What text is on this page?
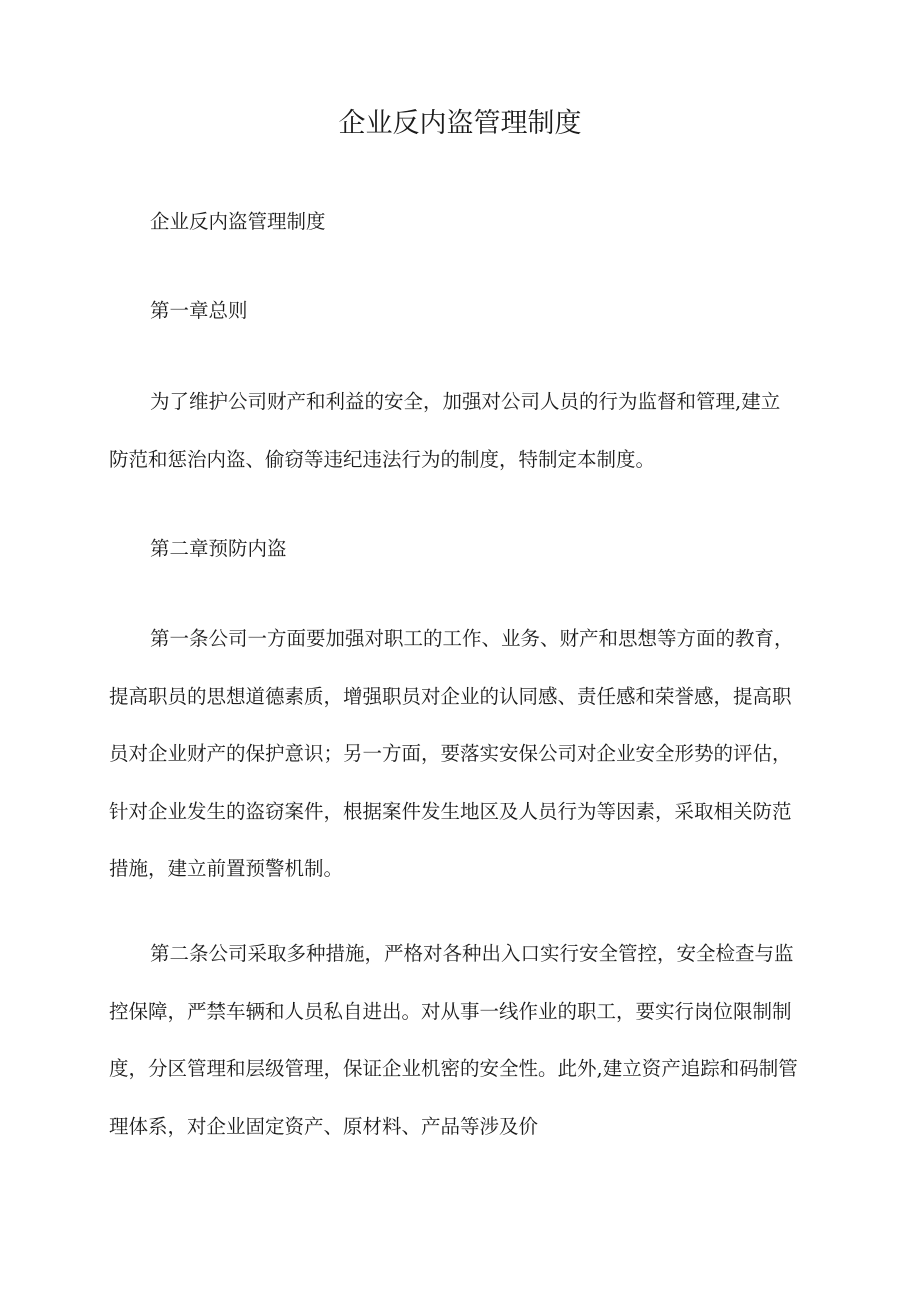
企业反内盗管理制度

企业反内盗管理制度

第一章总则

为了维护公司财产和利益的安全，加强对公司人员的行为监督和管理,建立
防范和惩治内盗、偷窃等违纪违法行为的制度，特制定本制度。

第二章预防内盗

第一条公司一方面要加强对职工的工作、业务、财产和思想等方面的教育，
提高职员的思想道德素质，增强职员对企业的认同感、责任感和荣誉感，提高职
员对企业财产的保护意识；另一方面，要落实安保公司对企业安全形势的评估，
针对企业发生的盗窃案件，根据案件发生地区及人员行为等因素，采取相关防范
措施，建立前置预警机制。
第二条公司采取多种措施，严格对各种出入口实行安全管控，安全检查与监
控保障，严禁车辆和人员私自进出。对从事一线作业的职工，要实行岗位限制制
度，分区管理和层级管理，保证企业机密的安全性。此外,建立资产追踪和码制管
理体系，对企业固定资产、原材料、产品等涉及价
